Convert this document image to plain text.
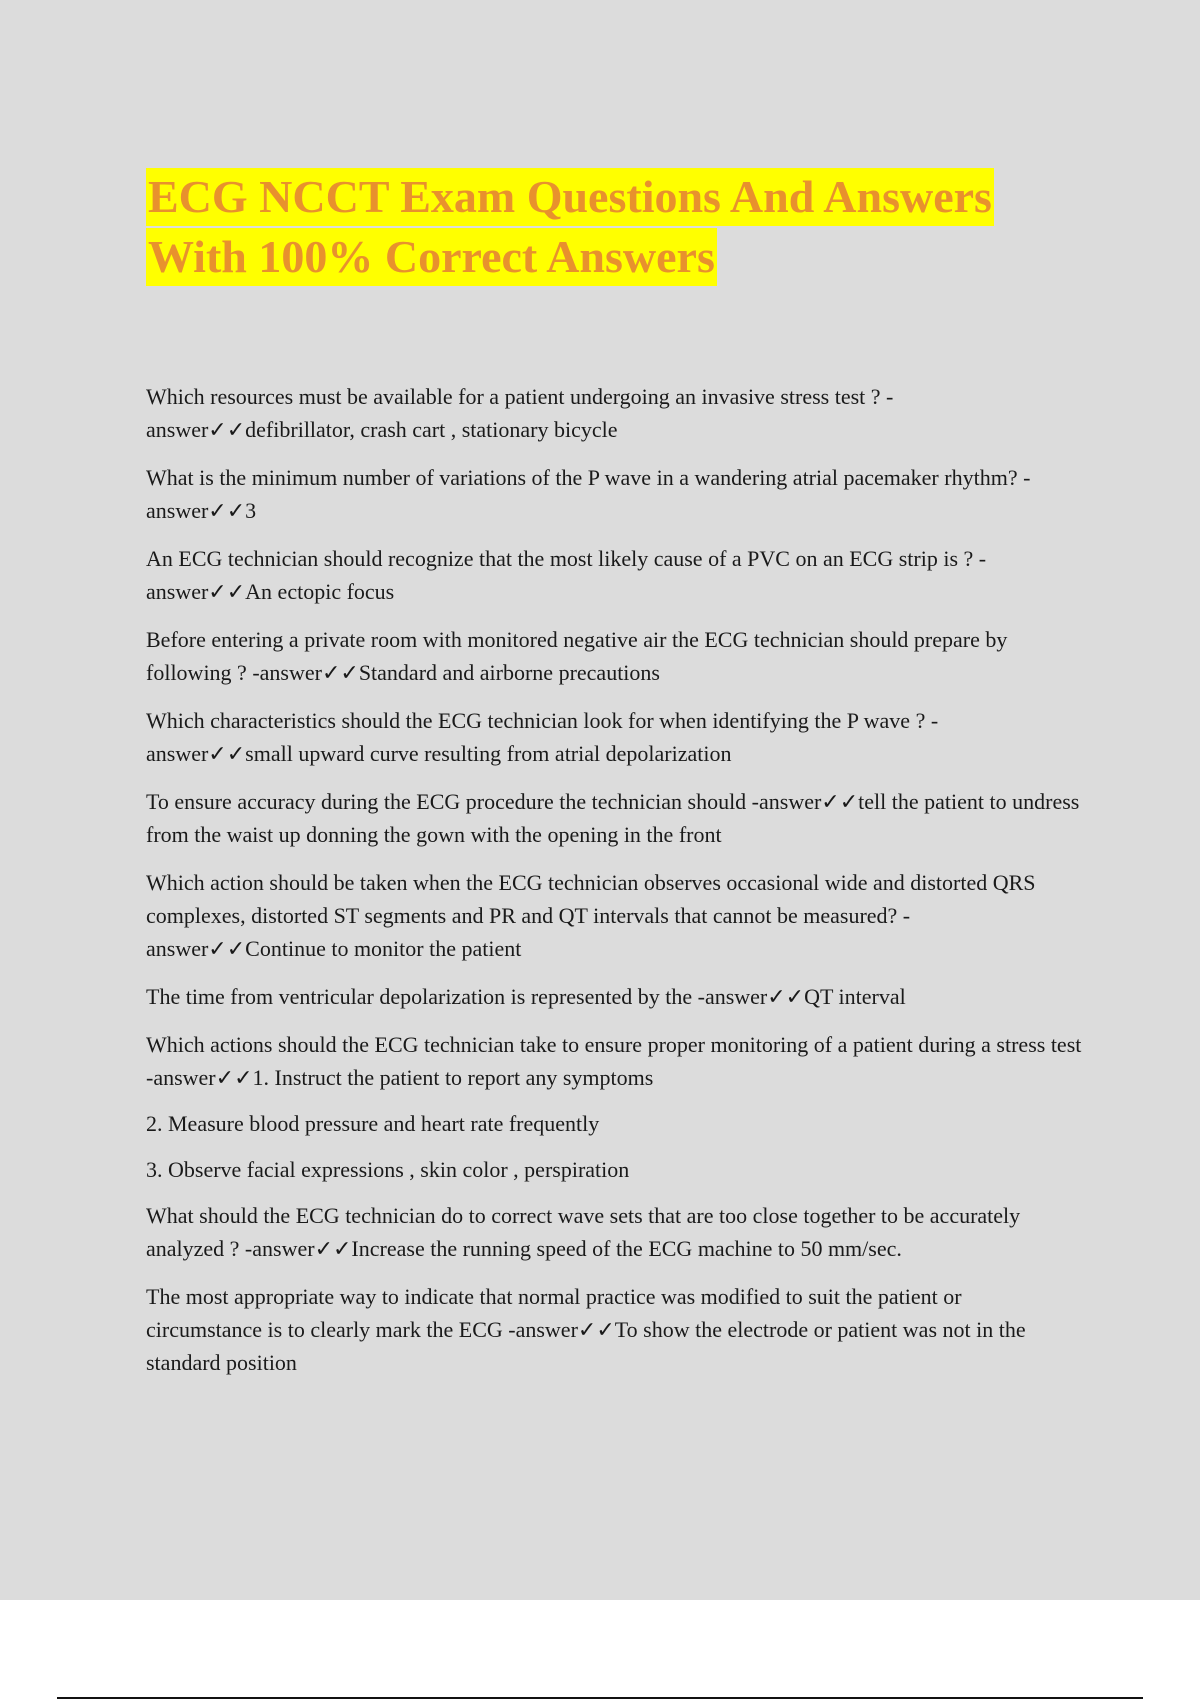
ECG NCCT Exam Questions And Answers
With 100% Correct Answers

Which resources must be available for a patient undergoing an invasive stress test ? -answer✓✓defibrillator, crash cart , stationary bicycle

What is the minimum number of variations of the P wave in a wandering atrial pacemaker rhythm? -answer✓✓3

An ECG technician should recognize that the most likely cause of a PVC on an ECG strip is ? -answer✓✓An ectopic focus

Before entering a private room with monitored negative air the ECG technician should prepare by following ? -answer✓✓Standard and airborne precautions

Which characteristics should the ECG technician look for when identifying the P wave ? -answer✓✓small upward curve resulting from atrial depolarization

To ensure accuracy during the ECG procedure the technician should -answer✓✓tell the patient to undress from the waist up donning the gown with the opening in the front

Which action should be taken when the ECG technician observes occasional wide and distorted QRS complexes, distorted ST segments and PR and QT intervals that cannot be measured? -answer✓✓Continue to monitor the patient

The time from ventricular depolarization is represented by the -answer✓✓QT interval

Which actions should the ECG technician take to ensure proper monitoring of a patient during a stress test -answer✓✓1. Instruct the patient to report any symptoms

2. Measure blood pressure and heart rate frequently

3. Observe facial expressions , skin color , perspiration

What should the ECG technician do to correct wave sets that are too close together to be accurately analyzed ? -answer✓✓Increase the running speed of the ECG machine to 50 mm/sec.

The most appropriate way to indicate that normal practice was modified to suit the patient or circumstance is to clearly mark the ECG -answer✓✓To show the electrode or patient was not in the standard position
